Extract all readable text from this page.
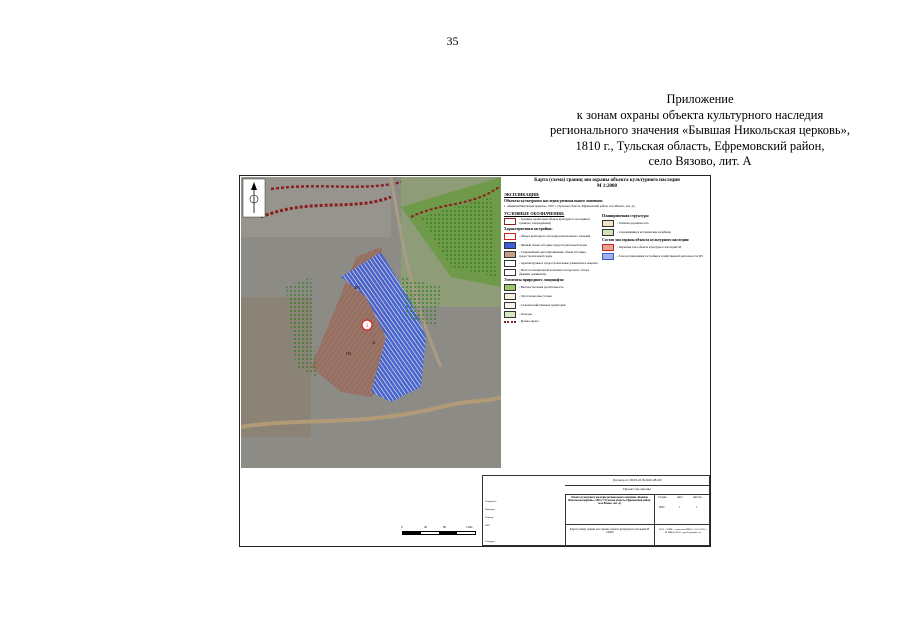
35
Приложение
к зонам охраны объекта культурного наследия
регионального значения «Бывшая Никольская церковь»,
1810 г., Тульская область, Ефремовский район,
село Вязово, лит. А
1
А
ЗР1
ОЗ
Карта (схема) границ зон охраны объекта культурного наследия
М 1:2000
ЭКСПЛИКАЦИЯ:
Объекты культурного наследия регионального значения:
1. «Бывшая Никольская церковь», 1810 г. (Тульская область, Ефремовский район, село Вязово, лит. А)
УСЛОВНЫЕ ОБОЗНАЧЕНИЯ:
- Границы территории объекта культурного наследия (в границах утвержденных)
Характеристики застройки:
- Объект культурного наследия регионального значения
- Ценный объект историко-градостроительной среды
- Современный «дисгармоничный» объект историко-градостроительной среды
- Архитектурные и градостроительные доминанты и акценты
- Места потенциальной возможности кругового обзора (бывшие доминанты)
Элементы природного ландшафта:
- Высокоствольная растительность
- Луга/сенокосные угодья
- Сельскохозяйственные территории
- Огороды
- Бровка оврага
Планировочная структура:
- Уличная дорожная сеть
- Сохранившиеся исторические кладбища
Состав зон охраны объекта культурного наследия:
- Охранная зона объекта культурного наследия ОЗ
- Зона регулирования застройки и хозяйственной деятельности ЗР1
Договор от 28.03.22 №2022.48120
Проект зон охраны
Объект культурного наследия регионального значения «Бывшая Никольская церковь», 1810 г. (Тульская область, Ефремовский район, село Вязово, лит. А)
Карта (схема) границ зон охраны объекта культурного наследия М 1:2000
Стадия	Лист	Листов
ПЗО	1	1
ООО «АРХИ» • лицензия МКРФ • 22.01.2021 г. № МКРФ 00513 • pp-the@yandex.ru
Разработал
Проверил
Н.контр.
ГИП
Утвердил
0	40	80	120м
